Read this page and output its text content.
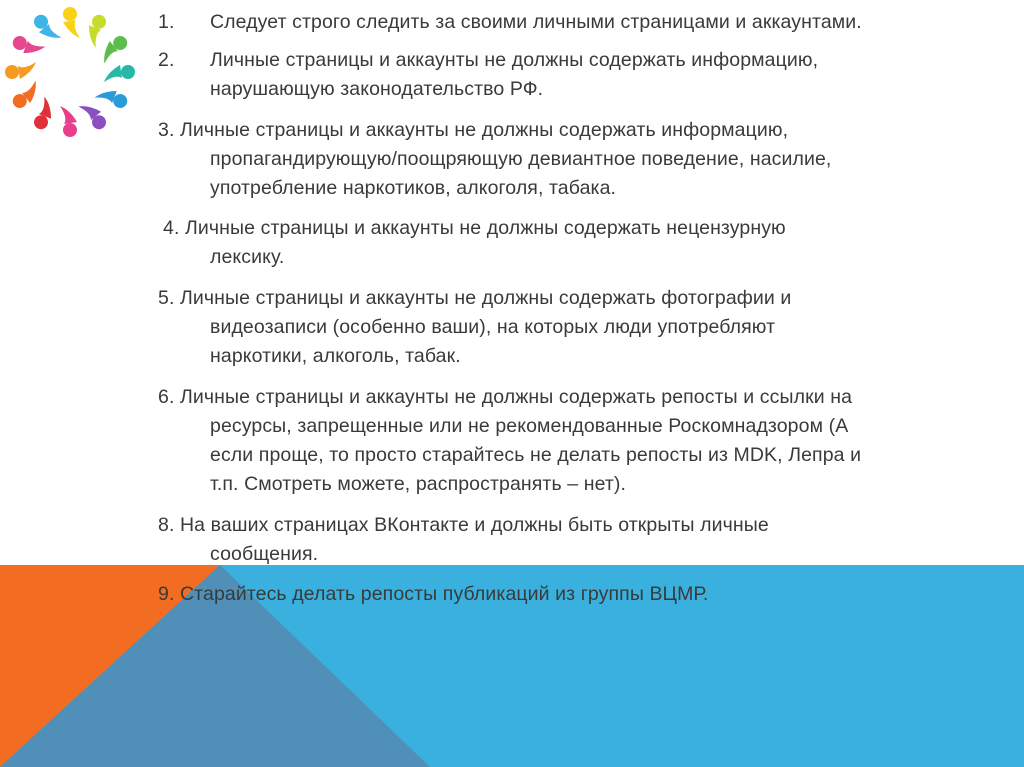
1. Следует строго следить за своими личными страницами и аккаунтами.
2. Личные страницы и аккаунты не должны содержать информацию,
нарушающую законодательство РФ.
3. Личные страницы и аккаунты не должны содержать информацию,
пропагандирующую/поощряющую девиантное поведение, насилие,
употребление наркотиков, алкоголя, табака.
4. Личные страницы и аккаунты не должны содержать нецензурную
лексику.
5. Личные страницы и аккаунты не должны содержать фотографии и
видеозаписи (особенно ваши), на которых люди употребляют
наркотики, алкоголь, табак.
6. Личные страницы и аккаунты не должны содержать репосты и ссылки на
ресурсы, запрещенные или не рекомендованные Роскомнадзором (А
если проще, то просто старайтесь не делать репосты из MDK, Лепра и
т.п. Смотреть можете, распространять – нет).
8. На ваших страницах ВКонтакте и должны быть открыты личные
сообщения.
9. Старайтесь делать репосты публикаций из группы ВЦМР.
